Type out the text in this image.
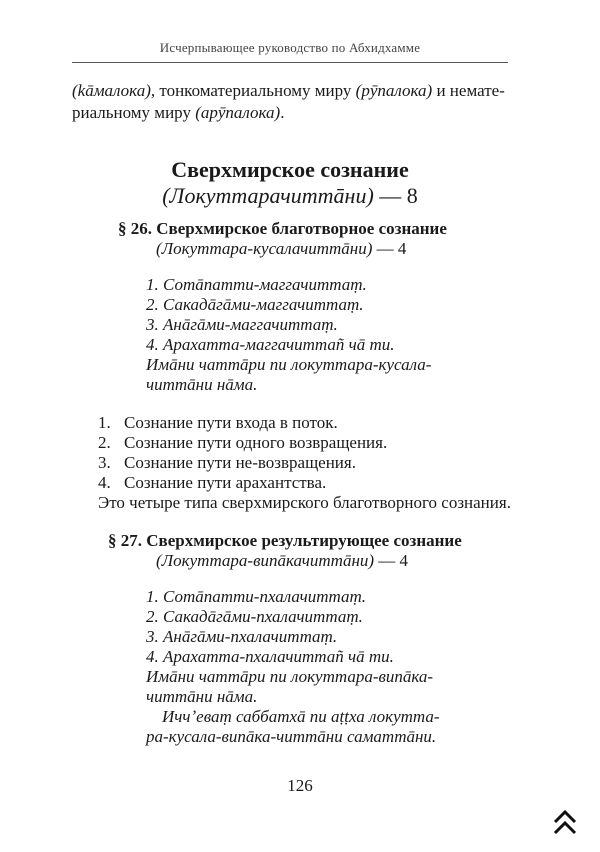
Исчерпывающее руководство по Абхидхамме
(kāмалока), тонкоматериальному миру (рӯпалока) и немате-
риальному миру (арӯпалока).
Сверхмирское сознание
(Локуттарачиттāни) — 8
§ 26. Сверхмирское благотворное сознание
(Локуттара-кусалачиттāни) — 4
1. Сотāпатти-маггачиттаṃ.
2. Сакадāгāми-маггачиттаṃ.
3. Анāгāми-маггачиттаṃ.
4. Арахатта-маггачиттаñ чā ти.
Имāни чаттāри пи локуттара-кусала-
читтāни нāма.
1. Сознание пути входа в поток.
2. Сознание пути одного возвращения.
3. Сознание пути не-возвращения.
4. Сознание пути арахантства.
Это четыре типа сверхмирского благотворного сознания.
§ 27. Сверхмирское результирующее сознание
(Локуттара-випāкачиттāни) — 4
1. Сотāпатти-пхалачиттаṃ.
2. Сакадāгāми-пхалачиттаṃ.
3. Анāгāми-пхалачиттаṃ.
4. Арахатта-пхалачиттаñ чā ти.
Имāни чаттāри пи локуттара-випāка-
читтāни нāма.
Иччʼеваṃ саббатхā пи аṭṭха локутта-
ра-кусала-випāка-читтāни саматтāни.
126
